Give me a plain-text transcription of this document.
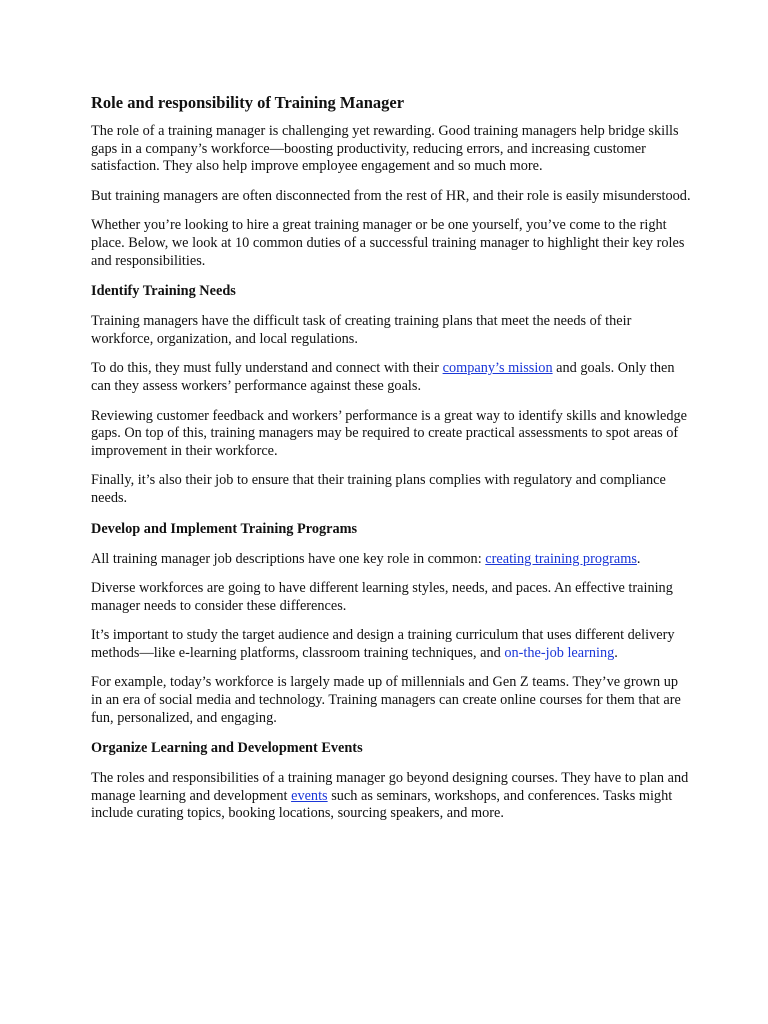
Role and responsibility of Training Manager

The role of a training manager is challenging yet rewarding. Good training managers help bridge skills gaps in a company’s workforce—boosting productivity, reducing errors, and increasing customer satisfaction. They also help improve employee engagement and so much more.

But training managers are often disconnected from the rest of HR, and their role is easily misunderstood.

Whether you’re looking to hire a great training manager or be one yourself, you’ve come to the right place. Below, we look at 10 common duties of a successful training manager to highlight their key roles and responsibilities.

Identify Training Needs

Training managers have the difficult task of creating training plans that meet the needs of their workforce, organization, and local regulations.

To do this, they must fully understand and connect with their company’s mission and goals. Only then can they assess workers’ performance against these goals.

Reviewing customer feedback and workers’ performance is a great way to identify skills and knowledge gaps. On top of this, training managers may be required to create practical assessments to spot areas of improvement in their workforce.

Finally, it’s also their job to ensure that their training plans complies with regulatory and compliance needs.

Develop and Implement Training Programs

All training manager job descriptions have one key role in common: creating training programs.

Diverse workforces are going to have different learning styles, needs, and paces. An effective training manager needs to consider these differences.

It’s important to study the target audience and design a training curriculum that uses different delivery methods—like e-learning platforms, classroom training techniques, and on-the-job learning.

For example, today’s workforce is largely made up of millennials and Gen Z teams. They’ve grown up in an era of social media and technology. Training managers can create online courses for them that are fun, personalized, and engaging.

Organize Learning and Development Events

The roles and responsibilities of a training manager go beyond designing courses. They have to plan and manage learning and development events such as seminars, workshops, and conferences. Tasks might include curating topics, booking locations, sourcing speakers, and more.
